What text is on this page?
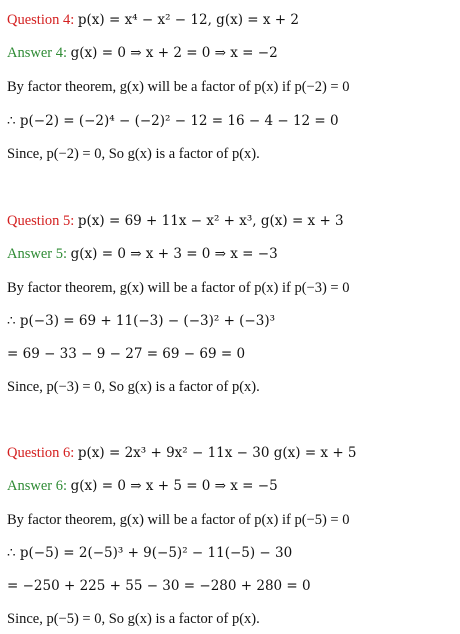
Question 4: p(x) = x⁴ − x² − 12, g(x) = x + 2
Answer 4: g(x) = 0 ⇒ x + 2 = 0 ⇒ x = −2
By factor theorem, g(x) will be a factor of p(x) if p(−2) = 0
∴ p(−2) = (−2)⁴ − (−2)² − 12 = 16 − 4 − 12 = 0
Since, p(−2) = 0, So g(x) is a factor of p(x).
Question 5: p(x) = 69 + 11x − x² + x³, g(x) = x + 3
Answer 5: g(x) = 0 ⇒ x + 3 = 0 ⇒ x = −3
By factor theorem, g(x) will be a factor of p(x) if p(−3) = 0
∴ p(−3) = 69 + 11(−3) − (−3)² + (−3)³
= 69 − 33 − 9 − 27 = 69 − 69 = 0
Since, p(−3) = 0, So g(x) is a factor of p(x).
Question 6: p(x) = 2x³ + 9x² − 11x − 30 g(x) = x + 5
Answer 6: g(x) = 0 ⇒ x + 5 = 0 ⇒ x = −5
By factor theorem, g(x) will be a factor of p(x) if p(−5) = 0
∴ p(−5) = 2(−5)³ + 9(−5)² − 11(−5) − 30
= −250 + 225 + 55 − 30 = −280 + 280 = 0
Since, p(−5) = 0, So g(x) is a factor of p(x).
